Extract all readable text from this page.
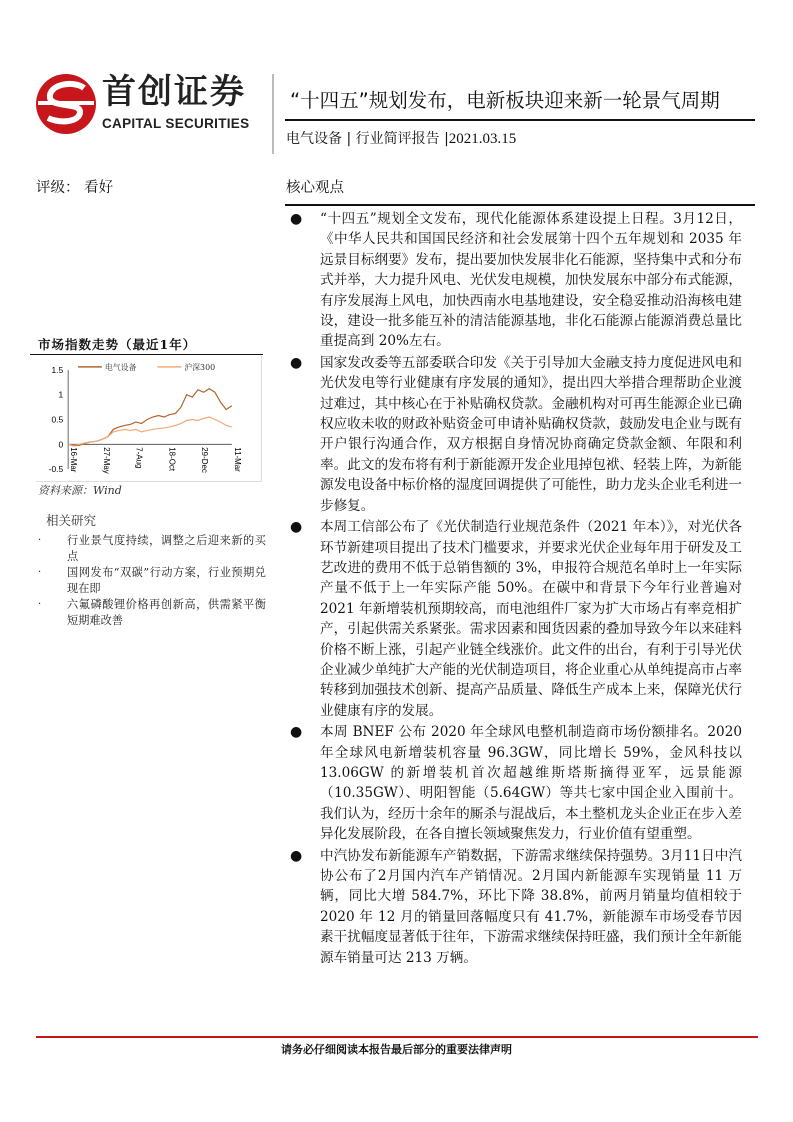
首创证券
CAPITAL SECURITIES
“十四五”规划发布，电新板块迎来新一轮景气周期
电气设备 | 行业简评报告 |2021.03.15
评级： 看好	核心观点
市场指数走势（最近1年）
1.5
1
0.5
0
-0.5 16-Mar	27-May	7-Aug	18-Oct	29-Dec	11-Mar
电气设备	沪深300
资料来源：Wind
相关研究
· 行业景气度持续，调整之后迎来新的买点
· 国网发布“双碳”行动方案，行业预期兑现在即
· 六氟磷酸锂价格再创新高，供需紧平衡短期难改善
● “十四五”规划全文发布，现代化能源体系建设提上日程。3月12日，《中华人民共和国国民经济和社会发展第十四个五年规划和 2035 年远景目标纲要》发布，提出要加快发展非化石能源，坚持集中式和分布式并举，大力提升风电、光伏发电规模，加快发展东中部分布式能源，有序发展海上风电，加快西南水电基地建设，安全稳妥推动沿海核电建设，建设一批多能互补的清洁能源基地，非化石能源占能源消费总量比重提高到 20%左右。
● 国家发改委等五部委联合印发《关于引导加大金融支持力度促进风电和光伏发电等行业健康有序发展的通知》，提出四大举措合理帮助企业渡过难过，其中核心在于补贴确权贷款。金融机构对可再生能源企业已确权应收未收的财政补贴资金可申请补贴确权贷款，鼓励发电企业与既有开户银行沟通合作，双方根据自身情况协商确定贷款金额、年限和利率。此文的发布将有利于新能源开发企业甩掉包袱、轻装上阵，为新能源发电设备中标价格的湿度回调提供了可能性，助力龙头企业毛利进一步修复。
● 本周工信部公布了《光伏制造行业规范条件（2021 年本）》，对光伏各环节新建项目提出了技术门槛要求，并要求光伏企业每年用于研发及工艺改进的费用不低于总销售额的 3%，申报符合规范名单时上一年实际产量不低于上一年实际产能 50%。在碳中和背景下今年行业普遍对 2021 年新增装机预期较高，而电池组件厂家为扩大市场占有率竞相扩产，引起供需关系紧张。需求因素和囤货因素的叠加导致今年以来硅料价格不断上涨，引起产业链全线涨价。此文件的出台，有利于引导光伏企业减少单纯扩大产能的光伏制造项目，将企业重心从单纯提高市占率转移到加强技术创新、提高产品质量、降低生产成本上来，保障光伏行业健康有序的发展。
● 本周 BNEF 公布 2020 年全球风电整机制造商市场份额排名。2020 年全球风电新增装机容量 96.3GW，同比增长 59%，金风科技以 13.06GW 的新增装机首次超越维斯塔斯摘得亚军，远景能源（10.35GW）、明阳智能（5.64GW）等共七家中国企业入围前十。我们认为，经历十余年的厮杀与混战后，本土整机龙头企业正在步入差异化发展阶段，在各自擅长领域聚焦发力，行业价值有望重塑。
● 中汽协发布新能源车产销数据，下游需求继续保持强势。3月11日中汽协公布了2月国内汽车产销情况。2月国内新能源车实现销量 11 万辆，同比大增 584.7%，环比下降 38.8%，前两月销量均值相较于 2020 年 12 月的销量回落幅度只有 41.7%，新能源车市场受春节因素干扰幅度显著低于往年，下游需求继续保持旺盛，我们预计全年新能源车销量可达 213 万辆。
请务必仔细阅读本报告最后部分的重要法律声明
